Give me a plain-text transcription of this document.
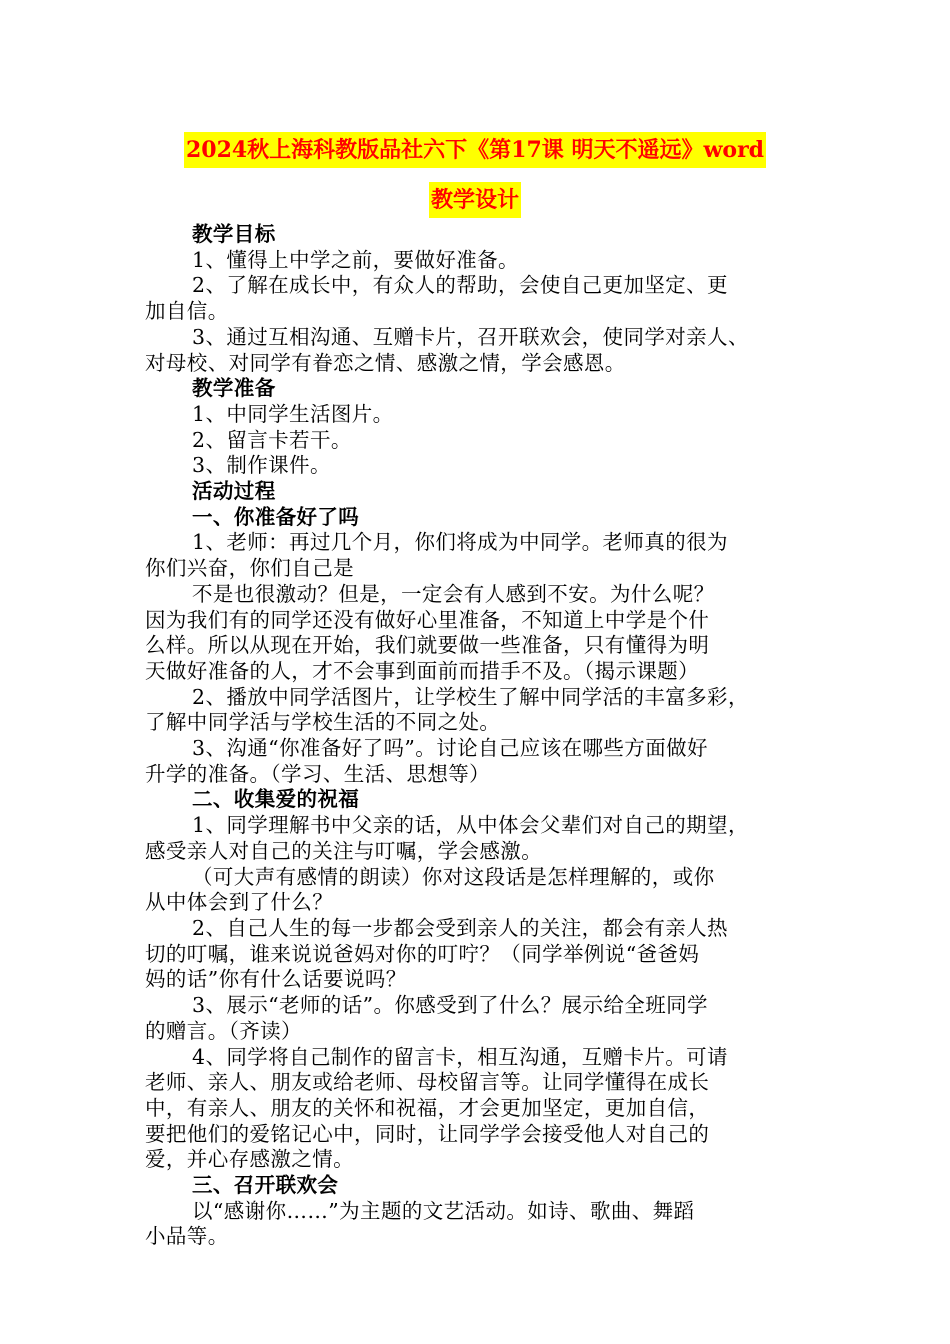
2024秋上海科教版品社六下《第17课 明天不遥远》word
教学设计

教学目标

1、懂得上中学之前，要做好准备。

2、了解在成长中，有众人的帮助，会使自己更加坚定、更

加自信。

3、通过互相沟通、互赠卡片，召开联欢会，使同学对亲人、

对母校、对同学有眷恋之情、感激之情，学会感恩。

教学准备

1、中同学生活图片。

2、留言卡若干。

3、制作课件。

活动过程

一、你准备好了吗

1、老师：再过几个月，你们将成为中同学。老师真的很为

你们兴奋，你们自己是

不是也很激动？但是，一定会有人感到不安。为什么呢？

因为我们有的同学还没有做好心里准备，不知道上中学是个什

么样。所以从现在开始，我们就要做一些准备，只有懂得为明

天做好准备的人，才不会事到面前而措手不及。（揭示课题）

2、播放中同学活图片，让学校生了解中同学活的丰富多彩，

了解中同学活与学校生活的不同之处。

3、沟通“你准备好了吗”。讨论自己应该在哪些方面做好

升学的准备。（学习、生活、思想等）

二、收集爱的祝福

1、同学理解书中父亲的话，从中体会父辈们对自己的期望，

感受亲人对自己的关注与叮嘱，学会感激。

（可大声有感情的朗读）你对这段话是怎样理解的，或你

从中体会到了什么？

2、自己人生的每一步都会受到亲人的关注，都会有亲人热

切的叮嘱，谁来说说爸妈对你的叮咛？（同学举例说“爸爸妈

妈的话”你有什么话要说吗？

3、展示“老师的话”。你感受到了什么？展示给全班同学

的赠言。（齐读）

4、同学将自己制作的留言卡，相互沟通，互赠卡片。可请

老师、亲人、朋友或给老师、母校留言等。让同学懂得在成长

中，有亲人、朋友的关怀和祝福，才会更加坚定，更加自信，

要把他们的爱铭记心中，同时，让同学学会接受他人对自己的

爱，并心存感激之情。

三、召开联欢会

以“感谢你……”为主题的文艺活动。如诗、歌曲、舞蹈

小品等。
